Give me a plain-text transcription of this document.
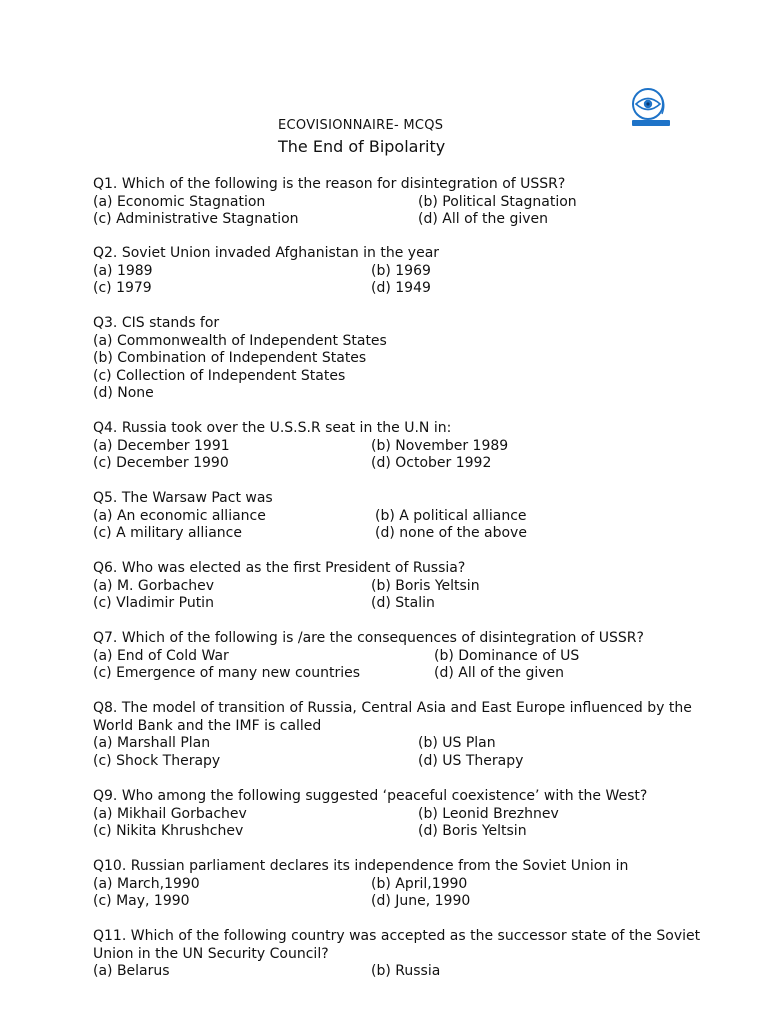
ECOVISIONNAIRE- MCQS
The End of Bipolarity
Q1. Which of the following is the reason for disintegration of USSR?
(a) Economic Stagnation	(b) Political Stagnation
(c) Administrative Stagnation	(d) All of the given
Q2. Soviet Union invaded Afghanistan in the year
(a) 1989	(b) 1969
(c) 1979	(d) 1949
Q3. CIS stands for
(a) Commonwealth of Independent States
(b) Combination of Independent States
(c) Collection of Independent States
(d) None
Q4. Russia took over the U.S.S.R seat in the U.N in:
(a) December 1991	(b) November 1989
(c) December 1990	(d) October 1992
Q5. The Warsaw Pact was
(a) An economic alliance	(b) A political alliance
(c) A military alliance	(d) none of the above
Q6. Who was elected as the first President of Russia?
(a) M. Gorbachev	(b) Boris Yeltsin
(c) Vladimir Putin	(d) Stalin
Q7. Which of the following is /are the consequences of disintegration of USSR?
(a) End of Cold War	(b) Dominance of US
(c) Emergence of many new countries	(d) All of the given
Q8. The model of transition of Russia, Central Asia and East Europe influenced by the
World Bank and the IMF is called
(a) Marshall Plan	(b) US Plan
(c) Shock Therapy	(d) US Therapy
Q9. Who among the following suggested ‘peaceful coexistence’ with the West?
(a) Mikhail Gorbachev	(b) Leonid Brezhnev
(c) Nikita Khrushchev	(d) Boris Yeltsin
Q10. Russian parliament declares its independence from the Soviet Union in
(a) March,1990	(b) April,1990
(c) May, 1990	(d) June, 1990
Q11. Which of the following country was accepted as the successor state of the Soviet
Union in the UN Security Council?
(a) Belarus	(b) Russia
